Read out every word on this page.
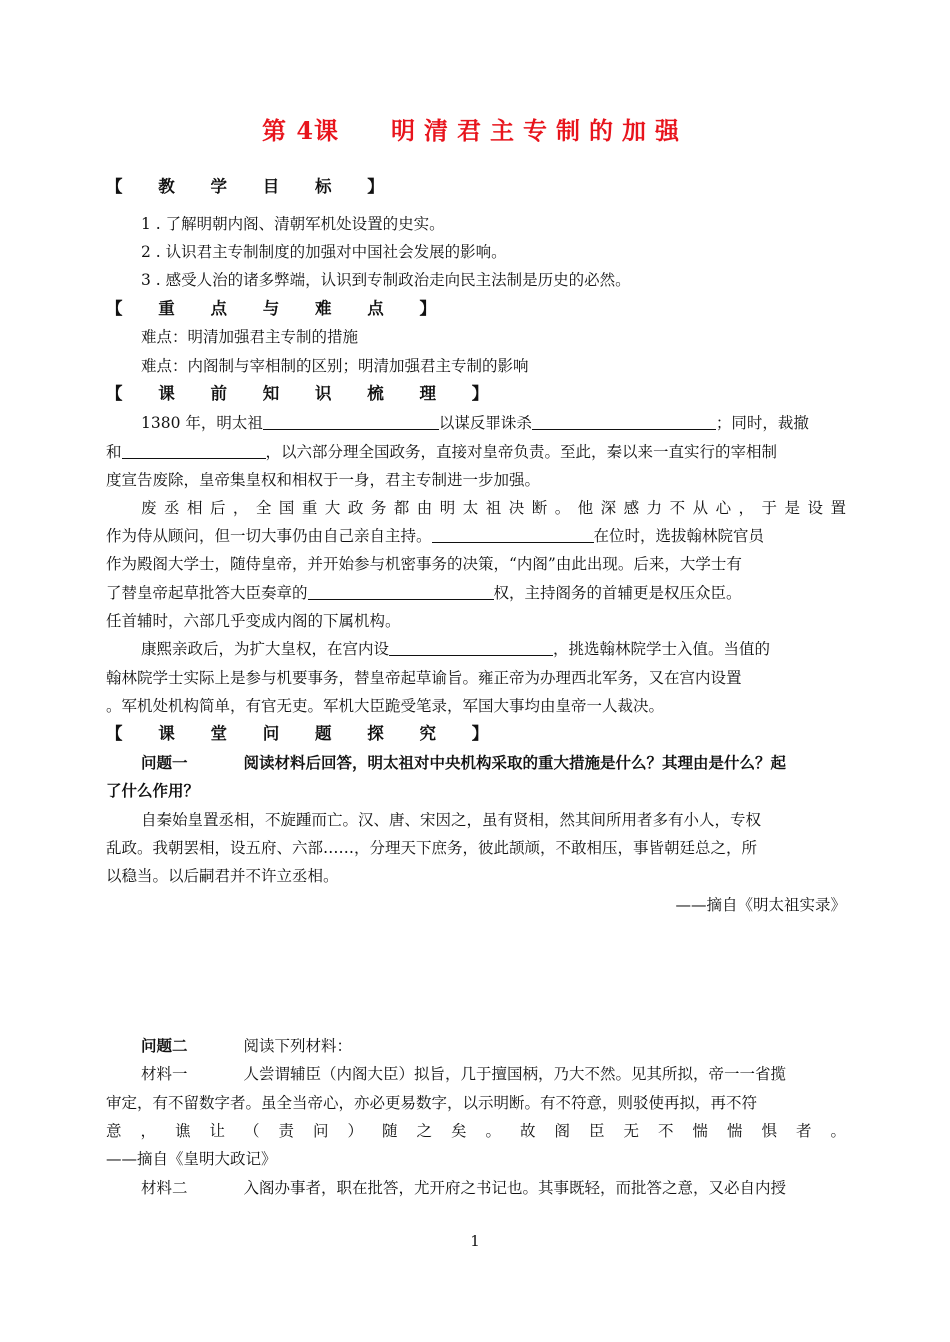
第 4课 明清君主专制的加强
【 教 学 目 标 】
1 . 了解明朝内阁、清朝军机处设置的史实。
2 . 认识君主专制制度的加强对中国社会发展的影响。
3 . 感受人治的诸多弊端，认识到专制政治走向民主法制是历史的必然。
【 重 点 与 难 点 】
难点：明清加强君主专制的措施
难点：内阁制与宰相制的区别；明清加强君主专制的影响
【 课 前 知 识 梳 理 】
1380 年，明太祖	以谋反罪诛杀	；同时，裁撤
和	，以六部分理全国政务，直接对皇帝负责。至此，秦以来一直实行的宰相制
度宣告废除，皇帝集皇权和相权于一身，君主专制进一步加强。
废丞相后，全国重大政务都由明太祖决断。他深感力不从心，于是设置
作为侍从顾问，但一切大事仍由自己亲自主持。	在位时，选拔翰林院官员
作为殿阁大学士，随侍皇帝，并开始参与机密事务的决策，“内阁”由此出现。后来，大学士有
了替皇帝起草批答大臣奏章的	权，主持阁务的首辅更是权压众臣。
任首辅时，六部几乎变成内阁的下属机构。
康熙亲政后，为扩大皇权，在宫内设	，挑选翰林院学士入值。当值的
翰林院学士实际上是参与机要事务，替皇帝起草谕旨。雍正帝为办理西北军务，又在宫内设置
。军机处机构简单，有官无吏。军机大臣跪受笔录，军国大事均由皇帝一人裁决。
【 课 堂 问 题 探 究 】
问题一	阅读材料后回答，明太祖对中央机构采取的重大措施是什么？其理由是什么？起
了什么作用？
自秦始皇置丞相，不旋踵而亡。汉、唐、宋因之，虽有贤相，然其间所用者多有小人，专权
乱政。我朝罢相，设五府、六部……，分理天下庶务，彼此颉颃，不敢相压，事皆朝廷总之，所
以稳当。以后嗣君并不许立丞相。
——摘自《明太祖实录》
问题二	阅读下列材料：
材料一	人尝谓辅臣（内阁大臣）拟旨，几于擅国柄，乃大不然。见其所拟，帝一一省揽
审定，有不留数字者。虽全当帝心，亦必更易数字，以示明断。有不符意，则驳使再拟，再不符
意，谯让（责问）随之矣。故阁臣无不惴惴惧者。
——摘自《皇明大政记》
材料二	入阁办事者，职在批答，尤开府之书记也。其事既轻，而批答之意，又必自内授
1
